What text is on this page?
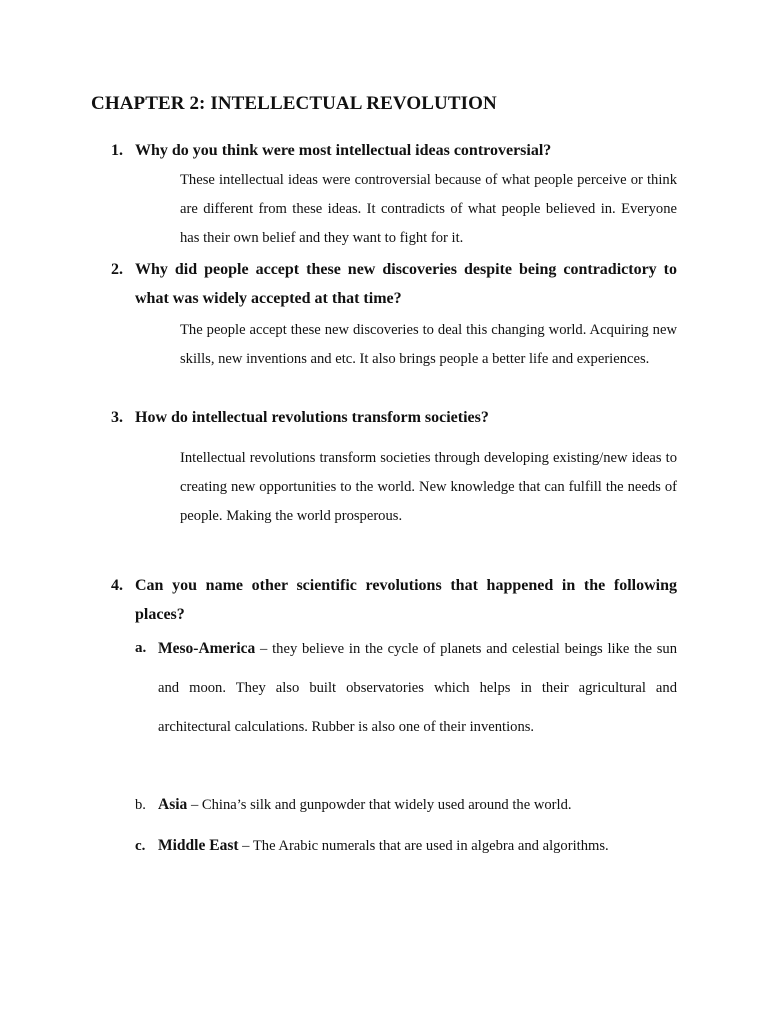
CHAPTER 2: INTELLECTUAL REVOLUTION
1. Why do you think were most intellectual ideas controversial?
These intellectual ideas were controversial because of what people perceive or think are different from these ideas. It contradicts of what people believed in. Everyone has their own belief and they want to fight for it.
2. Why did people accept these new discoveries despite being contradictory to what was widely accepted at that time?
The people accept these new discoveries to deal this changing world. Acquiring new skills, new inventions and etc. It also brings people a better life and experiences.
3. How do intellectual revolutions transform societies?
Intellectual revolutions transform societies through developing existing/new ideas to creating new opportunities to the world. New knowledge that can fulfill the needs of people. Making the world prosperous.
4. Can you name other scientific revolutions that happened in the following places?
a. Meso-America – they believe in the cycle of planets and celestial beings like the sun and moon. They also built observatories which helps in their agricultural and architectural calculations. Rubber is also one of their inventions.
b. Asia – China’s silk and gunpowder that widely used around the world.
c. Middle East – The Arabic numerals that are used in algebra and algorithms.
